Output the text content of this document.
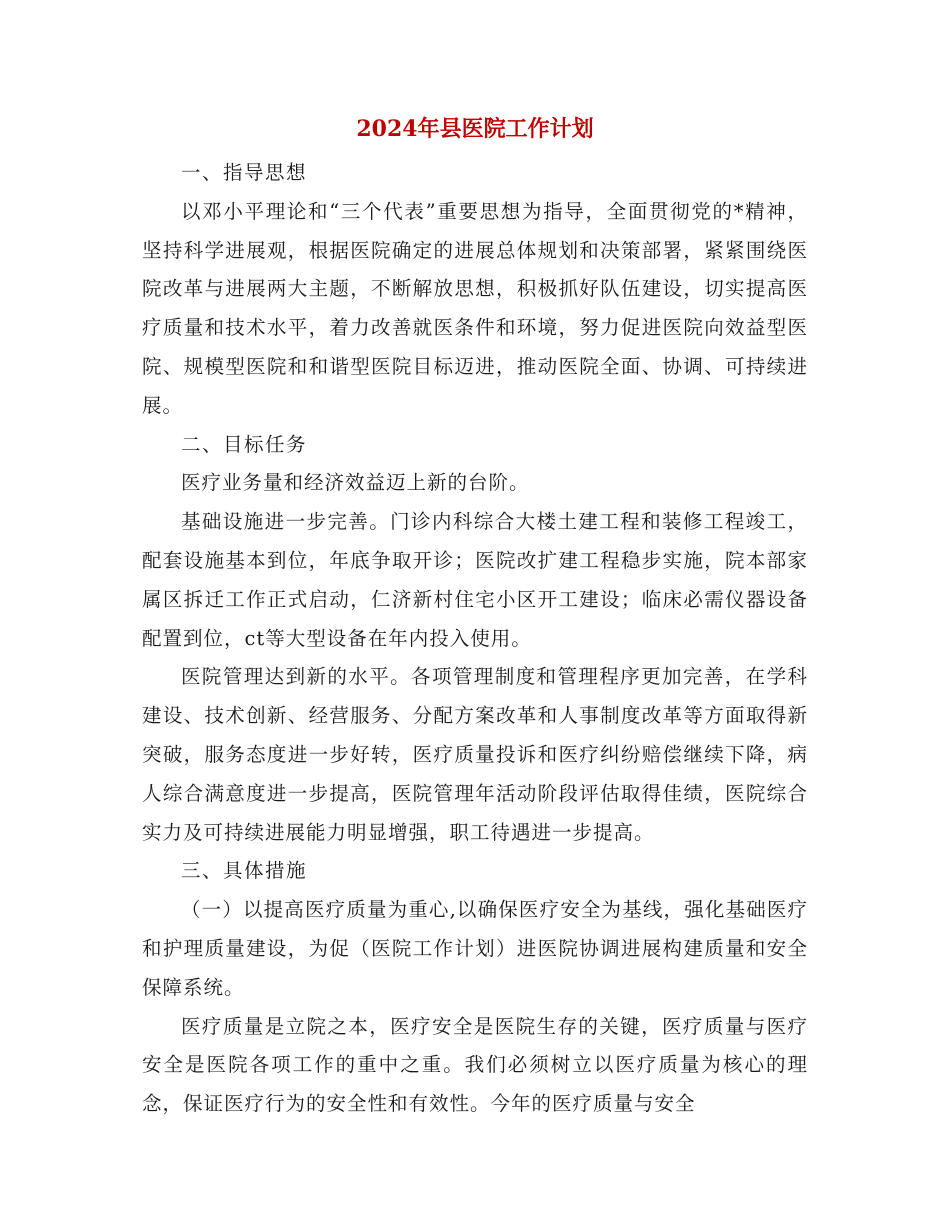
2024年县医院工作计划

一、指导思想

以邓小平理论和“三个代表”重要思想为指导，全面贯彻党的*精神，坚持科学进展观，根据医院确定的进展总体规划和决策部署，紧紧围绕医院改革与进展两大主题，不断解放思想，积极抓好队伍建设，切实提高医疗质量和技术水平，着力改善就医条件和环境，努力促进医院向效益型医院、规模型医院和和谐型医院目标迈进，推动医院全面、协调、可持续进展。

二、目标任务

医疗业务量和经济效益迈上新的台阶。

基础设施进一步完善。门诊内科综合大楼土建工程和装修工程竣工，配套设施基本到位，年底争取开诊；医院改扩建工程稳步实施，院本部家属区拆迁工作正式启动，仁济新村住宅小区开工建设；临床必需仪器设备配置到位，ct等大型设备在年内投入使用。

医院管理达到新的水平。各项管理制度和管理程序更加完善，在学科建设、技术创新、经营服务、分配方案改革和人事制度改革等方面取得新突破，服务态度进一步好转，医疗质量投诉和医疗纠纷赔偿继续下降，病人综合满意度进一步提高，医院管理年活动阶段评估取得佳绩，医院综合实力及可持续进展能力明显增强，职工待遇进一步提高。

三、具体措施

（一）以提高医疗质量为重心,以确保医疗安全为基线，强化基础医疗和护理质量建设，为促（医院工作计划）进医院协调进展构建质量和安全保障系统。

医疗质量是立院之本，医疗安全是医院生存的关键，医疗质量与医疗安全是医院各项工作的重中之重。我们必须树立以医疗质量为核心的理念，保证医疗行为的安全性和有效性。今年的医疗质量与安全
